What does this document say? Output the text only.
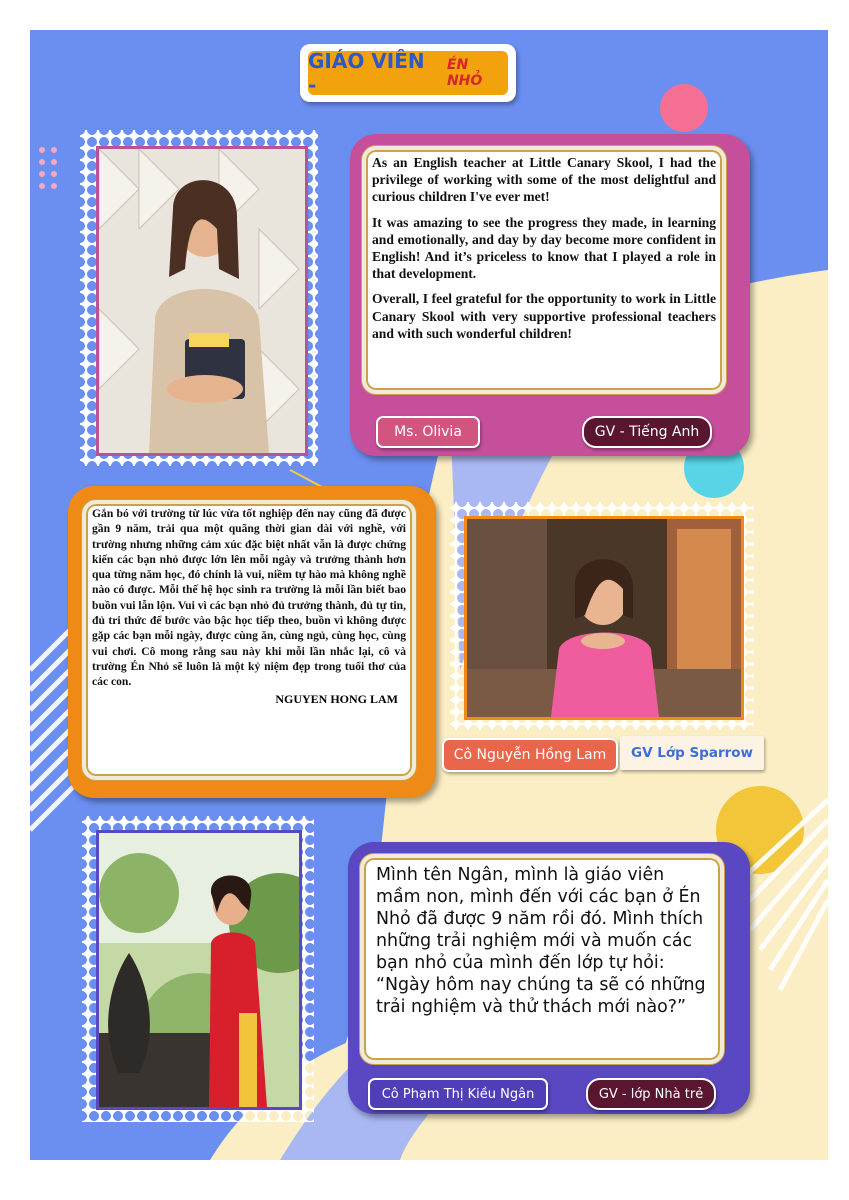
GIÁO VIÊN -
ÉN NHỎ

As an English teacher at Little Canary Skool, I had the privilege of working with some of the most delightful and curious children I've ever met!

It was amazing to see the progress they made, in learning and emotionally, and day by day become more confident in English! And it’s priceless to know that I played a role in that development.

Overall, I feel grateful for the opportunity to work in Little Canary Skool with very supportive professional teachers and with such wonderful children!

Ms. Olivia	GV - Tiếng Anh

Gắn bó với trường từ lúc vừa tốt nghiệp đến nay cũng đã được gần 9 năm, trải qua một quãng thời gian dài với nghề, với trường nhưng những cảm xúc đặc biệt nhất vẫn là được chứng kiến các bạn nhỏ được lớn lên mỗi ngày và trưởng thành hơn qua từng năm học, đó chính là vui, niềm tự hào mà không nghề nào có được. Mỗi thế hệ học sinh ra trường là mỗi lần biết bao buồn vui lẫn lộn. Vui vì các bạn nhỏ đủ trưởng thành, đủ tự tin, đủ tri thức để bước vào bậc học tiếp theo, buồn vì không được gặp các bạn mỗi ngày, được cùng ăn, cùng ngủ, cùng học, cùng vui chơi. Cô mong rằng sau này khi mỗi lần nhắc lại, cô và trường Én Nhỏ sẽ luôn là một kỷ niệm đẹp trong tuổi thơ của các con.

NGUYEN HONG LAM
Cô Nguyễn Hồng Lam	GV Lớp Sparrow

Mình tên Ngân, mình là giáo viên mầm non, mình đến với các bạn ở Én Nhỏ đã được 9 năm rồi đó. Mình thích những trải nghiệm mới và muốn các bạn nhỏ của mình đến lớp tự hỏi: “Ngày hôm nay chúng ta sẽ có những trải nghiệm và thử thách mới nào?”

Cô Phạm Thị Kiều Ngân	GV - lớp Nhà trẻ
